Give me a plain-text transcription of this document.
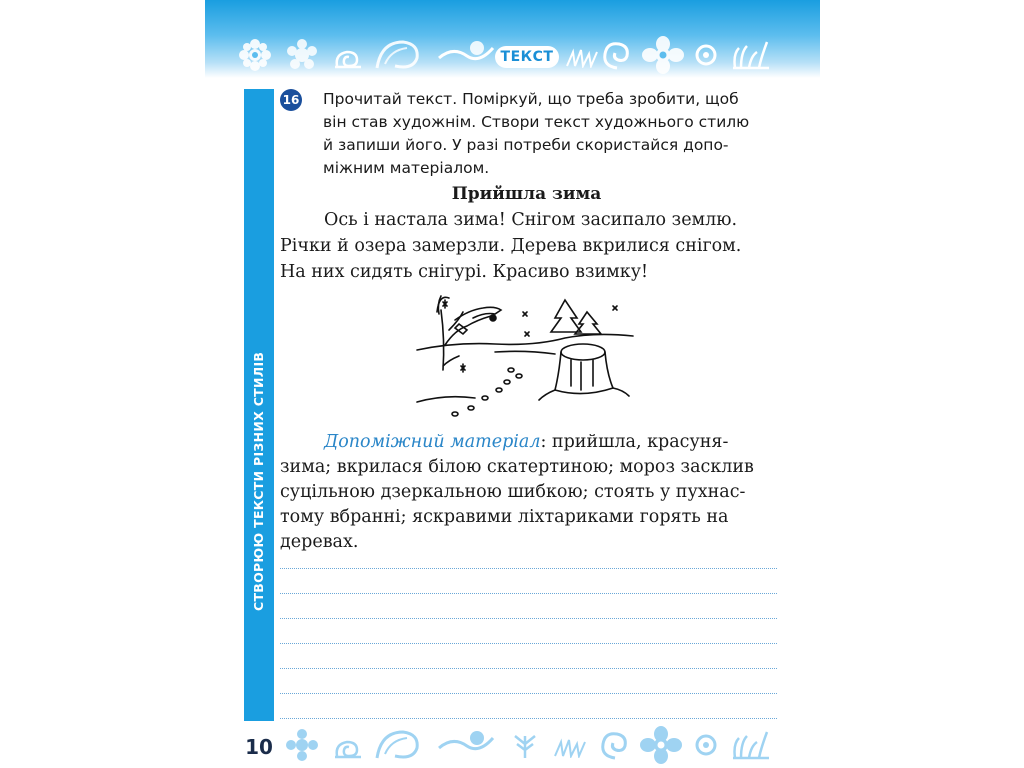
ТЕКСТ
СТВОРЮЮ ТЕКСТИ РІЗНИХ СТИЛІВ
16 Прочитай текст. Поміркуй, що треба зробити, щоб
він став художнім. Створи текст художнього стилю
й запиши його. У разі потреби скористайся допо-
міжним матеріалом.
Прийшла зима
Ось і настала зима! Снігом засипало землю.
Річки й озера замерзли. Дерева вкрилися снігом.
На них сидять снігурі. Красиво взимку!
Допоміжний матеріал: прийшла, красуня-
зима; вкрилася білою скатертиною; мороз засклив
суцільною дзеркальною шибкою; стоять у пухнас-
тому вбранні; яскравими ліхтариками горять на
деревах.
10
